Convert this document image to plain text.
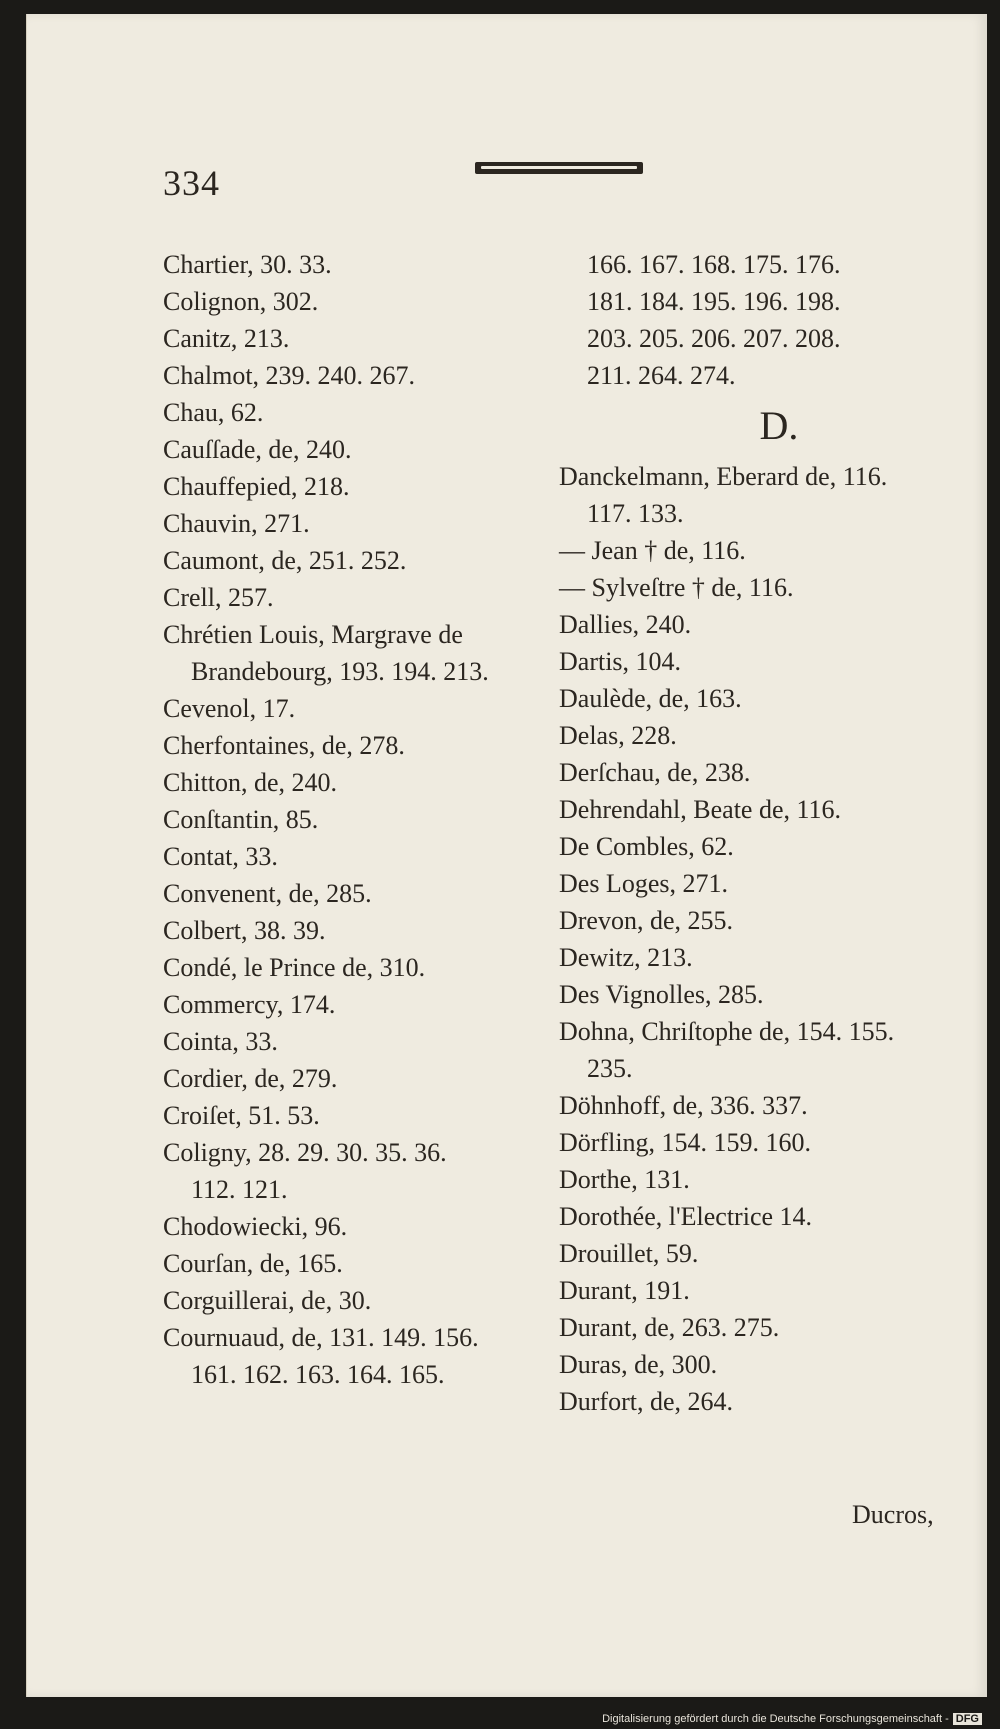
334
Chartier, 30. 33.
Colignon, 302.
Canitz, 213.
Chalmot, 239. 240. 267.
Chau, 62.
Cauſſade, de, 240.
Chauffepied, 218.
Chauvin, 271.
Caumont, de, 251. 252.
Crell, 257.
Chrétien Louis, Margrave de
Brandebourg, 193. 194. 213.
Cevenol, 17.
Cherfontaines, de, 278.
Chitton, de, 240.
Conſtantin, 85.
Contat, 33.
Convenent, de, 285.
Colbert, 38. 39.
Condé, le Prince de, 310.
Commercy, 174.
Cointa, 33.
Cordier, de, 279.
Croiſet, 51. 53.
Coligny, 28. 29. 30. 35. 36.
112. 121.
Chodowiecki, 96.
Courſan, de, 165.
Corguillerai, de, 30.
Cournuaud, de, 131. 149. 156.
161. 162. 163. 164. 165.
166. 167. 168. 175. 176.
181. 184. 195. 196. 198.
203. 205. 206. 207. 208.
211. 264. 274.
D.
Danckelmann, Eberard de, 116.
117. 133.
— Jean † de, 116.
— Sylveſtre † de, 116.
Dallies, 240.
Dartis, 104.
Daulède, de, 163.
Delas, 228.
Derſchau, de, 238.
Dehrendahl, Beate de, 116.
De Combles, 62.
Des Loges, 271.
Drevon, de, 255.
Dewitz, 213.
Des Vignolles, 285.
Dohna, Chriſtophe de, 154. 155.
235.
Döhnhoff, de, 336. 337.
Dörfling, 154. 159. 160.
Dorthe, 131.
Dorothée, l'Electrice 14.
Drouillet, 59.
Durant, 191.
Durant, de, 263. 275.
Duras, de, 300.
Durfort, de, 264.
Ducros,
Digitalisierung gefördert durch die Deutsche Forschungsgemeinschaft - DFG
